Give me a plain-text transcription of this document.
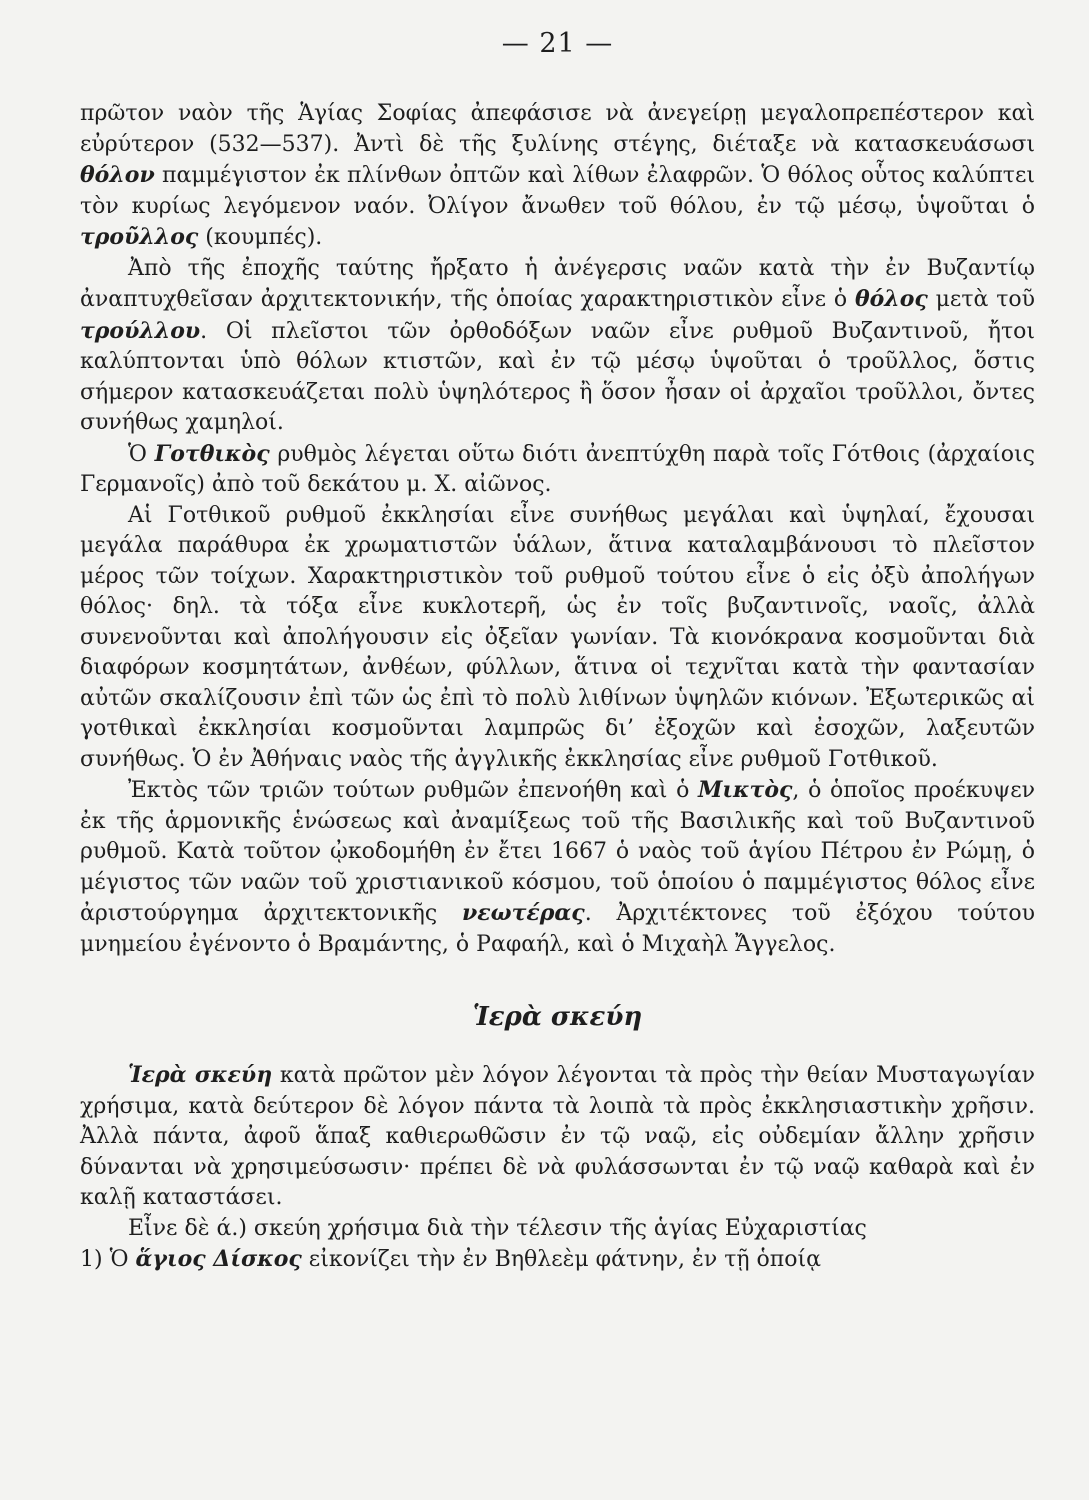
— 21 —

πρῶτον ναὸν τῆς Ἁγίας Σοφίας ἀπεφάσισε νὰ ἀνεγείρῃ μεγαλοπρεπέστερον καὶ εὐρύτερον (532—537). Ἀντὶ δὲ τῆς ξυλίνης στέγης, διέταξε νὰ κατασκευάσωσι θόλον παμμέγιστον ἐκ πλίνθων ὀπτῶν καὶ λίθων ἐλαφρῶν. Ὁ θόλος οὗτος καλύπτει τὸν κυρίως λεγόμενον ναόν. Ὀλίγον ἄνωθεν τοῦ θόλου, ἐν τῷ μέσῳ, ὑψοῦται ὁ τροῦλλος (κουμπές).

Ἀπὸ τῆς ἐποχῆς ταύτης ἤρξατο ἡ ἀνέγερσις ναῶν κατὰ τὴν ἐν Βυζαντίῳ ἀναπτυχθεῖσαν ἀρχιτεκτονικήν, τῆς ὁποίας χαρακτηριστικὸν εἶνε ὁ θόλος μετὰ τοῦ τρούλλου. Οἱ πλεῖστοι τῶν ὀρθοδόξων ναῶν εἶνε ρυθμοῦ Βυζαντινοῦ, ἤτοι καλύπτονται ὑπὸ θόλων κτιστῶν, καὶ ἐν τῷ μέσῳ ὑψοῦται ὁ τροῦλλος, ὅστις σήμερον κατασκευάζεται πολὺ ὑψηλότερος ἢ ὅσον ἦσαν οἱ ἀρχαῖοι τροῦλλοι, ὄντες συνήθως χαμηλοί.

Ὁ Γοτθικὸς ρυθμὸς λέγεται οὕτω διότι ἀνεπτύχθη παρὰ τοῖς Γότθοις (ἀρχαίοις Γερμανοῖς) ἀπὸ τοῦ δεκάτου μ. Χ. αἰῶνος.

Αἱ Γοτθικοῦ ρυθμοῦ ἐκκλησίαι εἶνε συνήθως μεγάλαι καὶ ὑψηλαί, ἔχουσαι μεγάλα παράθυρα ἐκ χρωματιστῶν ὑάλων, ἅτινα καταλαμβάνουσι τὸ πλεῖστον μέρος τῶν τοίχων. Χαρακτηριστικὸν τοῦ ρυθμοῦ τούτου εἶνε ὁ εἰς ὀξὺ ἀπολήγων θόλος· δηλ. τὰ τόξα εἶνε κυκλοτερῆ, ὡς ἐν τοῖς βυζαντινοῖς, ναοῖς, ἀλλὰ συνενοῦνται καὶ ἀπολήγουσιν εἰς ὀξεῖαν γωνίαν. Τὰ κιονόκρανα κοσμοῦνται διὰ διαφόρων κοσμητάτων, ἀνθέων, φύλλων, ἅτινα οἱ τεχνῖται κατὰ τὴν φαντασίαν αὐτῶν σκαλίζουσιν ἐπὶ τῶν ὡς ἐπὶ τὸ πολὺ λιθίνων ὑψηλῶν κιόνων. Ἐξωτερικῶς αἱ γοτθικαὶ ἐκκλησίαι κοσμοῦνται λαμπρῶς δι’ ἐξοχῶν καὶ ἐσοχῶν, λαξευτῶν συνήθως. Ὁ ἐν Ἀθήναις ναὸς τῆς ἀγγλικῆς ἐκκλησίας εἶνε ρυθμοῦ Γοτθικοῦ.

Ἐκτὸς τῶν τριῶν τούτων ρυθμῶν ἐπενοήθη καὶ ὁ Μικτὸς, ὁ ὁποῖος προέκυψεν ἐκ τῆς ἁρμονικῆς ἑνώσεως καὶ ἀναμίξεως τοῦ τῆς Βασιλικῆς καὶ τοῦ Βυζαντινοῦ ρυθμοῦ. Κατὰ τοῦτον ᾠκοδομήθη ἐν ἔτει 1667 ὁ ναὸς τοῦ ἁγίου Πέτρου ἐν Ρώμῃ, ὁ μέγιστος τῶν ναῶν τοῦ χριστιανικοῦ κόσμου, τοῦ ὁποίου ὁ παμμέγιστος θόλος εἶνε ἀριστούργημα ἀρχιτεκτονικῆς νεωτέρας. Ἀρχιτέκτονες τοῦ ἐξόχου τούτου μνημείου ἐγένοντο ὁ Βραμάντης, ὁ Ραφαήλ, καὶ ὁ Μιχαὴλ Ἄγγελος.

Ἱερὰ σκεύη

Ἱερὰ σκεύη κατὰ πρῶτον μὲν λόγον λέγονται τὰ πρὸς τὴν θείαν Μυσταγωγίαν χρήσιμα, κατὰ δεύτερον δὲ λόγον πάντα τὰ λοιπὰ τὰ πρὸς ἐκκλησιαστικὴν χρῆσιν. Ἀλλὰ πάντα, ἀφοῦ ἅπαξ καθιερωθῶσιν ἐν τῷ ναῷ, εἰς οὐδεμίαν ἄλλην χρῆσιν δύνανται νὰ χρησιμεύσωσιν· πρέπει δὲ νὰ φυλάσσωνται ἐν τῷ ναῷ καθαρὰ καὶ ἐν καλῇ καταστάσει.

Εἶνε δὲ ά.) σκεύη χρήσιμα διὰ τὴν τέλεσιν τῆς ἁγίας Εὐχαριστίας

1) Ὁ ἅγιος Δίσκος εἰκονίζει τὴν ἐν Βηθλεὲμ φάτνην, ἐν τῇ ὁποίᾳ
